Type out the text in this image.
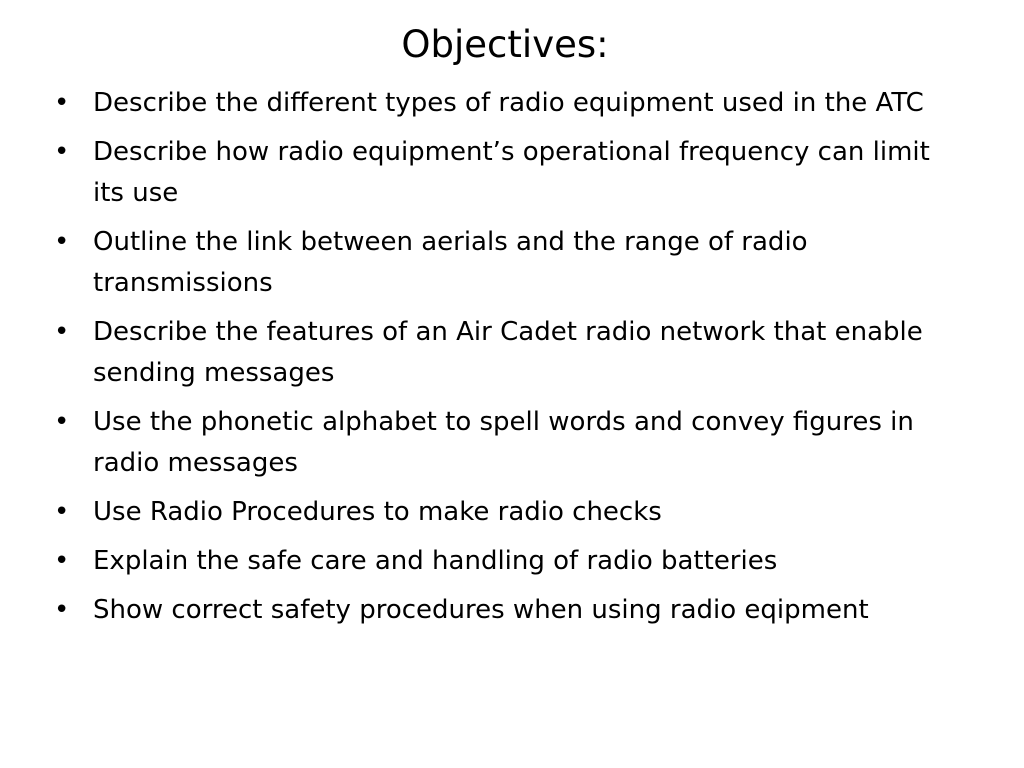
Objectives:
• Describe the different types of radio equipment used in the ATC
• Describe how radio equipment’s operational frequency can limit its use
• Outline the link between aerials and the range of radio transmissions
• Describe the features of an Air Cadet radio network that enable sending messages
• Use the phonetic alphabet to spell words and convey figures in radio messages
• Use Radio Procedures to make radio checks
• Explain the safe care and handling of radio batteries
• Show correct safety procedures when using radio eqipment
